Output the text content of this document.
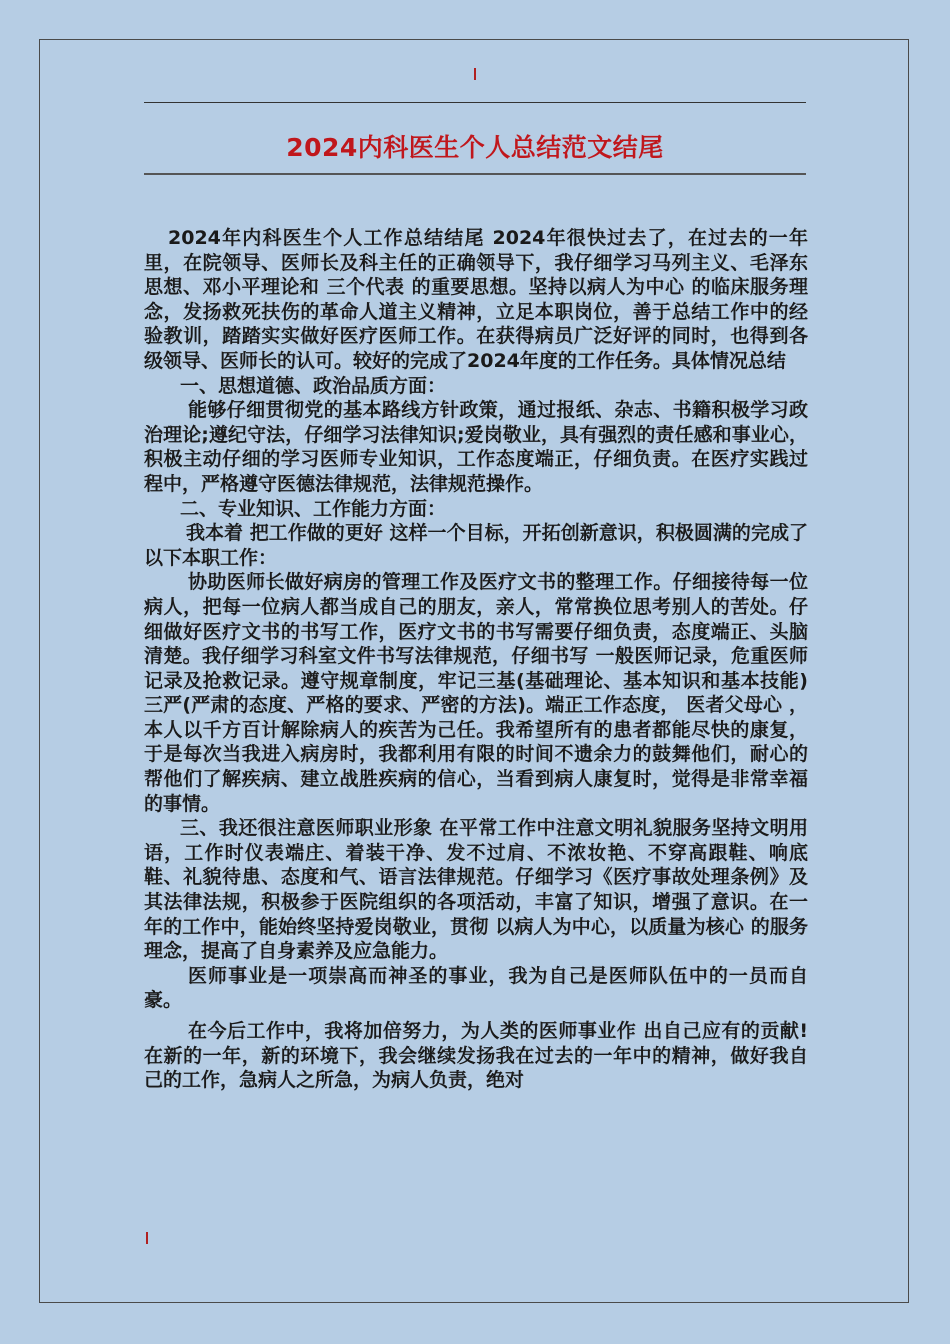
2024内科医生个人总结范文结尾

2024年内科医生个人工作总结结尾 2024年很快过去了，在过去的一年里，在院领导、医师长及科主任的正确领导下，我仔细学习马列主义、毛泽东思想、邓小平理论和 三个代表 的重要思想。坚持以病人为中心 的临床服务理念，发扬救死扶伤的革命人道主义精神，立足本职岗位，善于总结工作中的经验教训，踏踏实实做好医疗医师工作。在获得病员广泛好评的同时，也得到各级领导、医师长的认可。较好的完成了2024年度的工作任务。具体情况总结

一、思想道德、政治品质方面：

能够仔细贯彻党的基本路线方针政策，通过报纸、杂志、书籍积极学习政治理论;遵纪守法，仔细学习法律知识;爱岗敬业，具有强烈的责任感和事业心，积极主动仔细的学习医师专业知识，工作态度端正，仔细负责。在医疗实践过程中，严格遵守医德法律规范，法律规范操作。

二、专业知识、工作能力方面：

我本着 把工作做的更好 这样一个目标，开拓创新意识，积极圆满的完成了以下本职工作：

协助医师长做好病房的管理工作及医疗文书的整理工作。仔细接待每一位病人，把每一位病人都当成自己的朋友，亲人，常常换位思考别人的苦处。仔细做好医疗文书的书写工作，医疗文书的书写需要仔细负责，态度端正、头脑清楚。我仔细学习科室文件书写法律规范，仔细书写 一般医师记录，危重医师记录及抢救记录。遵守规章制度，牢记三基(基础理论、基本知识和基本技能) 三严(严肃的态度、严格的要求、严密的方法)。端正工作态度， 医者父母心 ，本人以千方百计解除病人的疾苦为己任。我希望所有的患者都能尽快的康复，于是每次当我进入病房时，我都利用有限的时间不遗余力的鼓舞他们，耐心的帮他们了解疾病、建立战胜疾病的信心，当看到病人康复时，觉得是非常幸福的事情。

三、我还很注意医师职业形象 在平常工作中注意文明礼貌服务坚持文明用语，工作时仪表端庄、着装干净、发不过肩、不浓妆艳、不穿高跟鞋、响底鞋、礼貌待患、态度和气、语言法律规范。仔细学习《医疗事故处理条例》及其法律法规，积极参于医院组织的各项活动，丰富了知识，增强了意识。在一年的工作中，能始终坚持爱岗敬业，贯彻 以病人为中心，以质量为核心 的服务理念，提高了自身素养及应急能力。

医师事业是一项崇高而神圣的事业，我为自己是医师队伍中的一员而自豪。

在今后工作中，我将加倍努力，为人类的医师事业作 出自己应有的贡献!在新的一年，新的环境下，我会继续发扬我在过去的一年中的精神，做好我自己的工作，急病人之所急，为病人负责，绝对
